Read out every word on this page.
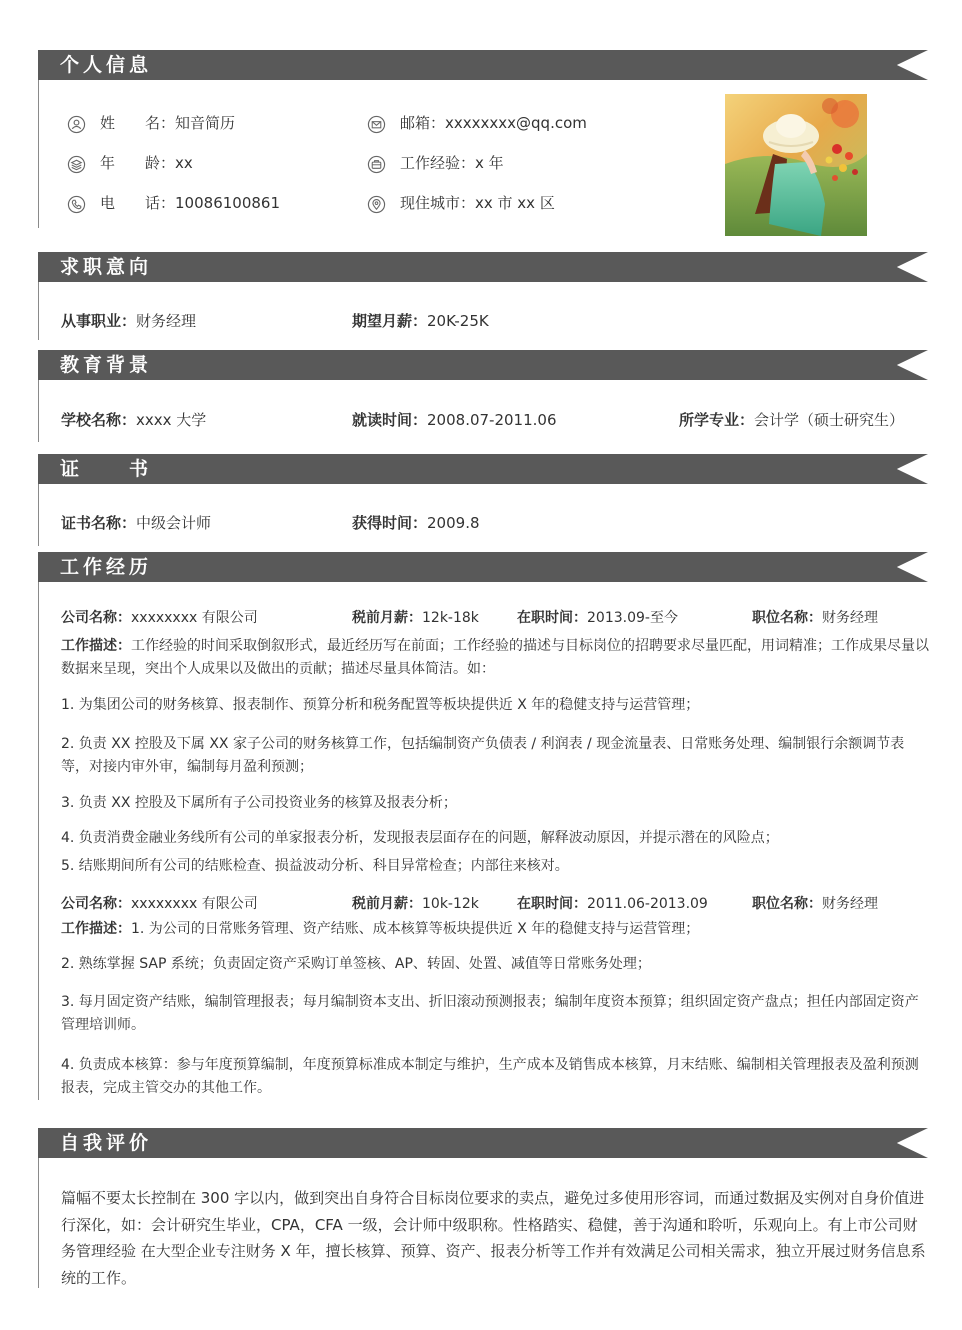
个人信息
姓　　名：知音简历
年　　龄：xx
电　　话：10086100861
邮箱：xxxxxxxx@qq.com
工作经验：x 年
现住城市：xx 市 xx 区
求职意向
从事职业：财务经理	期望月薪：20K-25K
教育背景
学校名称：xxxx 大学	就读时间：2008.07-2011.06	所学专业：会计学（硕士研究生）
证　　书
证书名称：中级会计师	获得时间：2009.8
工作经历
公司名称：xxxxxxxx 有限公司	税前月薪：12k-18k	在职时间：2013.09-至今	职位名称：财务经理
工作描述：工作经验的时间采取倒叙形式，最近经历写在前面；工作经验的描述与目标岗位的招聘要求尽量匹配，用词精准；工作成果尽量以数据来呈现，突出个人成果以及做出的贡献；描述尽量具体简洁。如：
1. 为集团公司的财务核算、报表制作、预算分析和税务配置等板块提供近 X 年的稳健支持与运营管理；
2. 负责 XX 控股及下属 XX 家子公司的财务核算工作，包括编制资产负债表 / 利润表 / 现金流量表、日常账务处理、编制银行余额调节表等，对接内审外审，编制每月盈利预测；
3. 负责 XX 控股及下属所有子公司投资业务的核算及报表分析；
4. 负责消费金融业务线所有公司的单家报表分析，发现报表层面存在的问题，解释波动原因，并提示潜在的风险点；
5. 结账期间所有公司的结账检查、损益波动分析、科目异常检查；内部往来核对。
公司名称：xxxxxxxx 有限公司	税前月薪：10k-12k	在职时间：2011.06-2013.09	职位名称：财务经理
工作描述：1. 为公司的日常账务管理、资产结账、成本核算等板块提供近 X 年的稳健支持与运营管理；
2. 熟练掌握 SAP 系统；负责固定资产采购订单签核、AP、转固、处置、减值等日常账务处理；
3. 每月固定资产结账，编制管理报表；每月编制资本支出、折旧滚动预测报表；编制年度资本预算；组织固定资产盘点；担任内部固定资产管理培训师。
4. 负责成本核算：参与年度预算编制，年度预算标准成本制定与维护，生产成本及销售成本核算，月末结账、编制相关管理报表及盈利预测报表，完成主管交办的其他工作。
自我评价
篇幅不要太长控制在 300 字以内，做到突出自身符合目标岗位要求的卖点，避免过多使用形容词，而通过数据及实例对自身价值进行深化，如：会计研究生毕业，CPA，CFA 一级，会计师中级职称。性格踏实、稳健，善于沟通和聆听，乐观向上。有上市公司财务管理经验 在大型企业专注财务 X 年，擅长核算、预算、资产、报表分析等工作并有效满足公司相关需求，独立开展过财务信息系统的工作。
